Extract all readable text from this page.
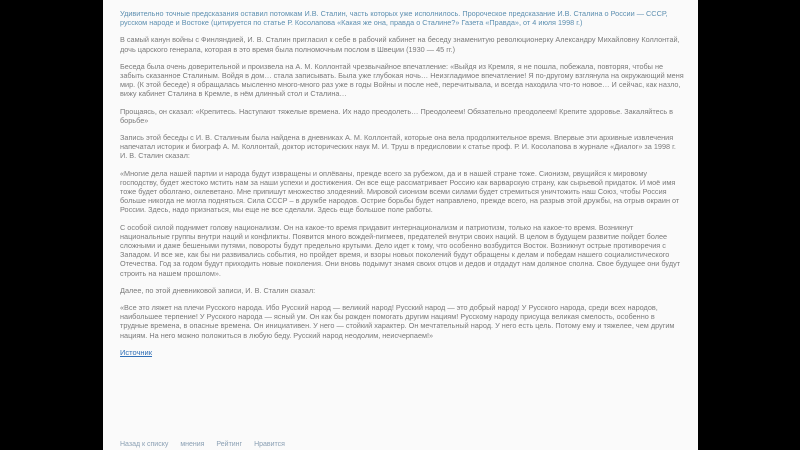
Удивительно точные предсказания оставил потомкам И.В. Сталин, часть которых уже исполнилось. Пророческое предсказание И.В. Сталина о России — СССР, русском народе и Востоке (цитируется по статье Р. Косолапова «Какая же она, правда о Сталине?» Газета «Правда», от 4 июля 1998 г.)

В самый канун войны с Финляндией, И. В. Сталин пригласил к себе в рабочий кабинет на беседу знаменитую революционерку Александру Михайловну Коллонтай, дочь царского генерала, которая в это время была полномочным послом в Швеции (1930 — 45 гг.)

Беседа была очень доверительной и произвела на А. М. Коллонтай чрезвычайное впечатление: «Выйдя из Кремля, я не пошла, побежала, повторяя, чтобы не забыть сказанное Сталиным. Войдя в дом… стала записывать. Была уже глубокая ночь… Неизгладимое впечатление! Я по-другому взглянула на окружающий меня мир. (К этой беседе) я обращалась мысленно много-много раз уже в годы Войны и после неё, перечитывала, и всегда находила что-то новое… И сейчас, как назло, вижу кабинет Сталина в Кремле, в нём длинный стол и Сталина…

Прощаясь, он сказал: «Крепитесь. Наступают тяжелые времена. Их надо преодолеть… Преодолеем! Обязательно преодолеем! Крепите здоровье. Закаляйтесь в борьбе»

Запись этой беседы с И. В. Сталиным была найдена в дневниках А. М. Коллонтай, которые она вела продолжительное время. Впервые эти архивные извлечения напечатал историк и биограф А. М. Коллонтай, доктор исторических наук М. И. Труш в предисловии к статье проф. Р. И. Косолапова в журнале «Диалог» за 1998 г. И. В. Сталин сказал:

«Многие дела нашей партии и народа будут извращены и оплёваны, прежде всего за рубежом, да и в нашей стране тоже. Сионизм, рвущийся к мировому господству, будет жестоко мстить нам за наши успехи и достижения. Он все еще рассматривает Россию как варварскую страну, как сырьевой придаток. И моё имя тоже будет оболгано, оклеветано. Мне припишут множество злодеяний. Мировой сионизм всеми силами будет стремиться уничтожить наш Союз, чтобы Россия больше никогда не могла подняться. Сила СССР – в дружбе народов. Острие борьбы будет направлено, прежде всего, на разрыв этой дружбы, на отрыв окраин от России. Здесь, надо признаться, мы еще не все сделали. Здесь еще большое поле работы.

С особой силой поднимет голову национализм. Он на какое-то время придавит интернационализм и патриотизм, только на какое-то время. Возникнут национальные группы внутри наций и конфликты. Появится много вождей-пигмеев, предателей внутри своих наций. В целом в будущем развитие пойдет более сложными и даже бешеными путями, повороты будут предельно крутыми. Дело идет к тому, что особенно возбудится Восток. Возникнут острые противоречия с Западом. И все же, как бы ни развивались события, но пройдет время, и взоры новых поколений будут обращены к делам и победам нашего социалистического Отечества. Год за годом будут приходить новые поколения. Они вновь подымут знамя своих отцов и дедов и отдадут нам должное сполна. Свое будущее они будут строить на нашем прошлом».

Далее, по этой дневниковой записи, И. В. Сталин сказал:

«Все это ляжет на плечи Русского народа. Ибо Русский народ — великий народ! Русский народ — это добрый народ! У Русского народа, среди всех народов, наибольшее терпение! У Русского народа — ясный ум. Он как бы рожден помогать другим нациям! Русскому народу присуща великая смелость, особенно в трудные времена, в опасные времена. Он инициативен. У него — стойкий характер. Он мечтательный народ. У него есть цель. Потому ему и тяжелее, чем другим нациям. На него можно положиться в любую беду. Русский народ неодолим, неисчерпаем!»

Источник
Назад к списку мнения Рейтинг Нравится
